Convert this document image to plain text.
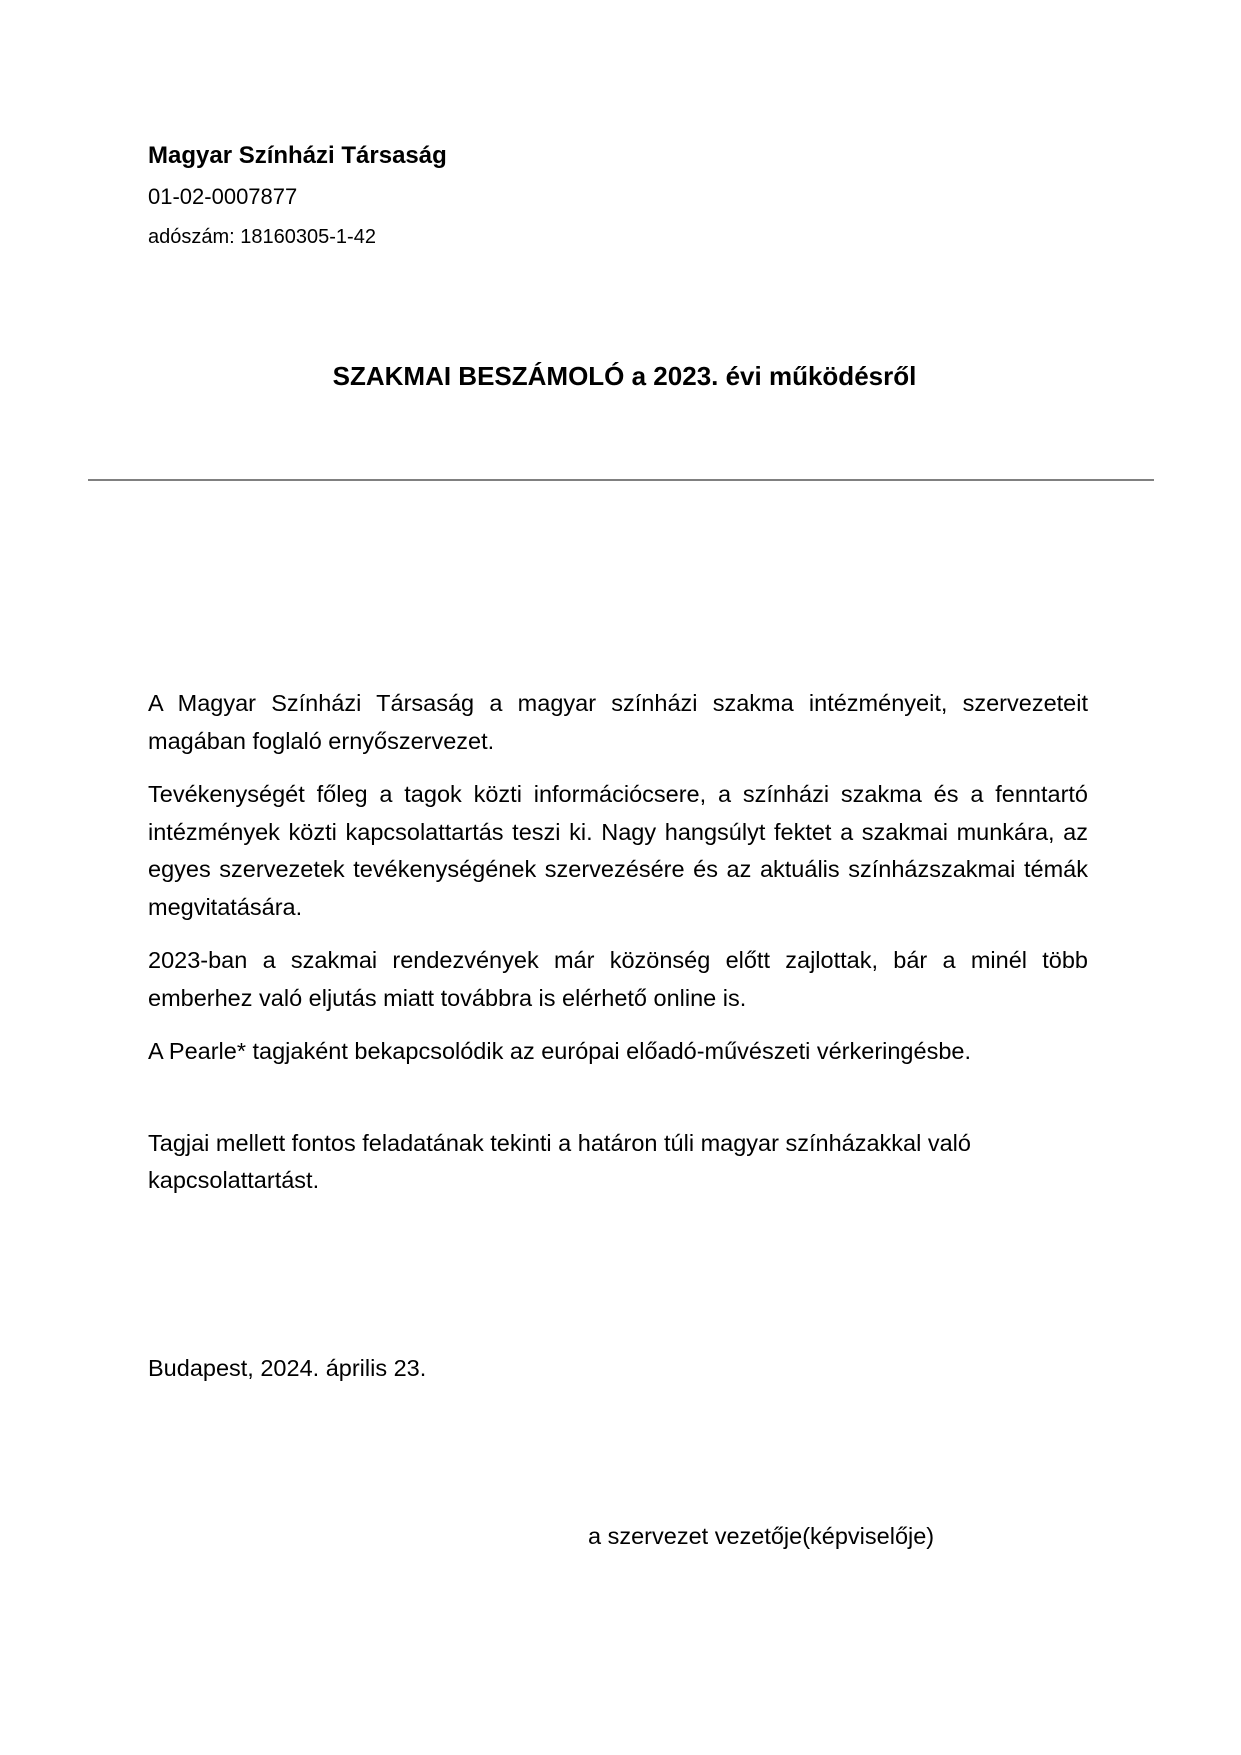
Magyar Színházi Társaság
01-02-0007877
adószám: 18160305-1-42
SZAKMAI BESZÁMOLÓ a 2023. évi működésről

A Magyar Színházi Társaság a magyar színházi szakma intézményeit, szervezeteit magában foglaló ernyőszervezet.

Tevékenységét főleg a tagok közti információcsere, a színházi szakma és a fenntartó intézmények közti kapcsolattartás teszi ki. Nagy hangsúlyt fektet a szakmai munkára, az egyes szervezetek tevékenységének szervezésére és az aktuális színházszakmai témák megvitatására.

2023-ban a szakmai rendezvények már közönség előtt zajlottak, bár a minél több emberhez való eljutás miatt továbbra is elérhető online is.

A Pearle* tagjaként bekapcsolódik az európai előadó-művészeti vérkeringésbe.

Tagjai mellett fontos feladatának tekinti a határon túli magyar színházakkal való kapcsolattartást.

Budapest, 2024. április 23.
a szervezet vezetője(képviselője)
